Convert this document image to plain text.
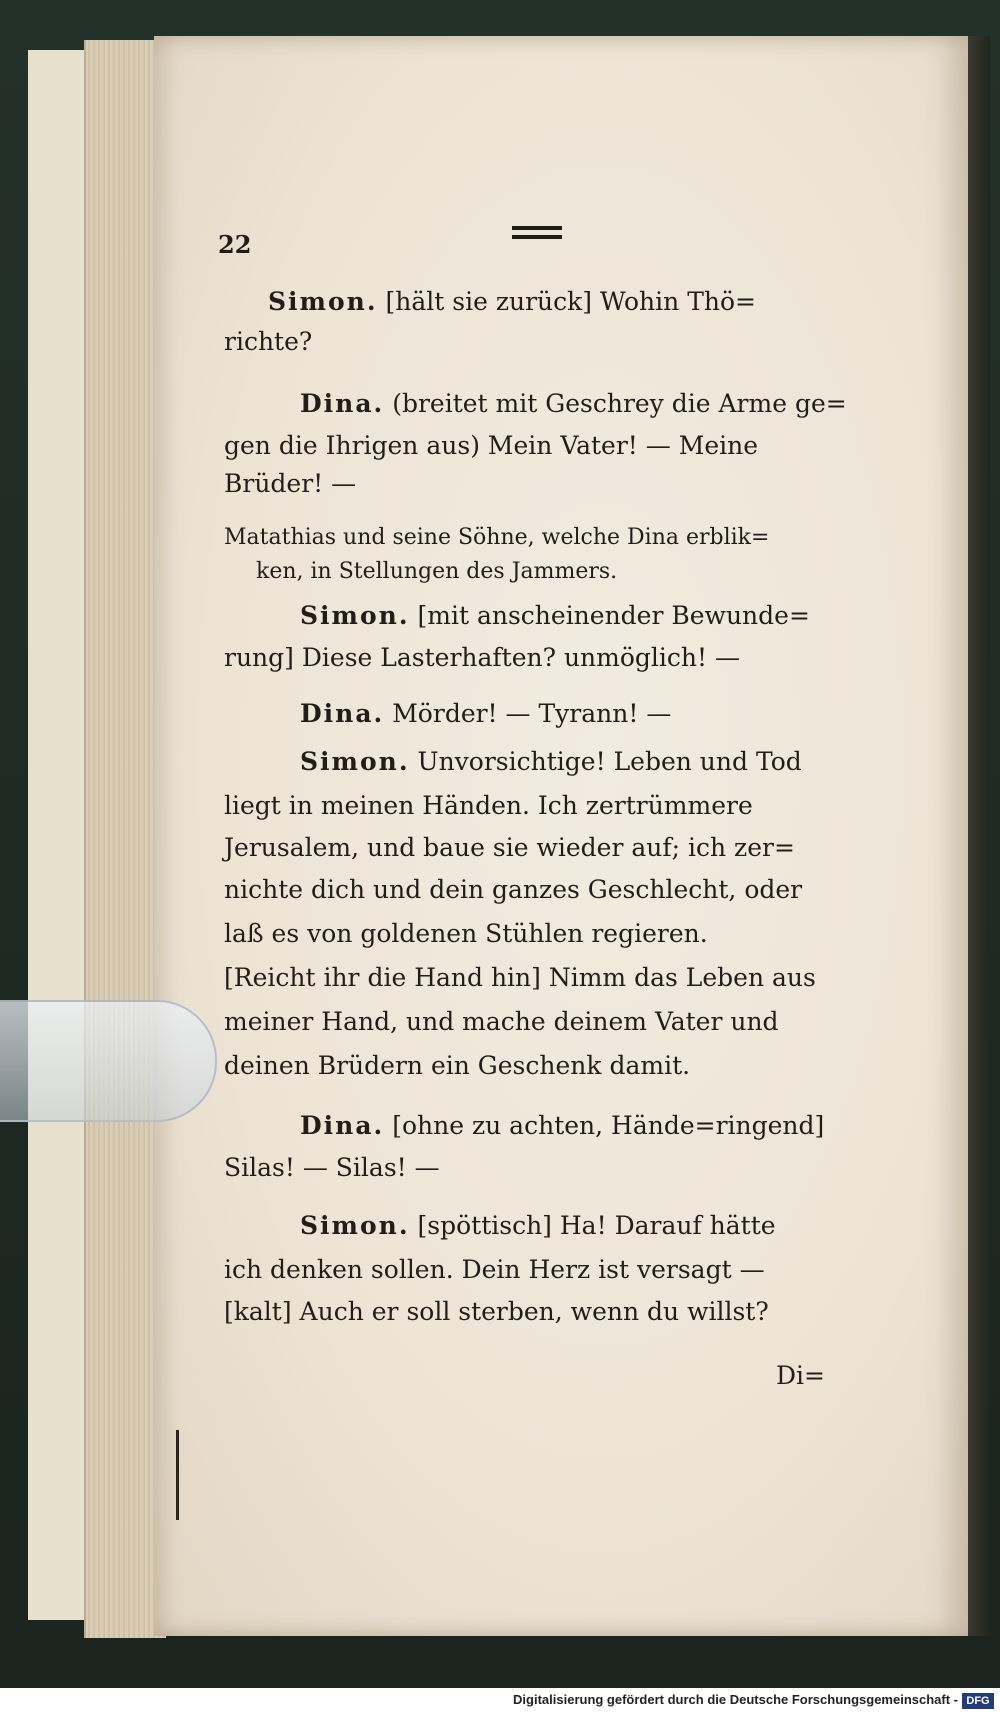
22
Simon. [hält sie zurück] Wohin Thö=
richte?
Dina. (breitet mit Geschrey die Arme ge=
gen die Ihrigen aus) Mein Vater! — Meine
Brüder! —
Matathias und seine Söhne, welche Dina erblik=
ken, in Stellungen des Jammers.
Simon. [mit anscheinender Bewunde=
rung] Diese Lasterhaften? unmöglich! —
Dina. Mörder! — Tyrann! —
Simon. Unvorsichtige! Leben und Tod
liegt in meinen Händen. Ich zertrümmere
Jerusalem, und baue sie wieder auf; ich zer=
nichte dich und dein ganzes Geschlecht, oder
laß es von goldenen Stühlen regieren.
[Reicht ihr die Hand hin] Nimm das Leben aus
meiner Hand, und mache deinem Vater und
deinen Brüdern ein Geschenk damit.
Dina. [ohne zu achten, Hände=ringend]
Silas! — Silas! —
Simon. [spöttisch] Ha! Darauf hätte
ich denken sollen. Dein Herz ist versagt —
[kalt] Auch er soll sterben, wenn du willst?
Di=
Digitalisierung gefördert durch die Deutsche Forschungsgemeinschaft - DFG
